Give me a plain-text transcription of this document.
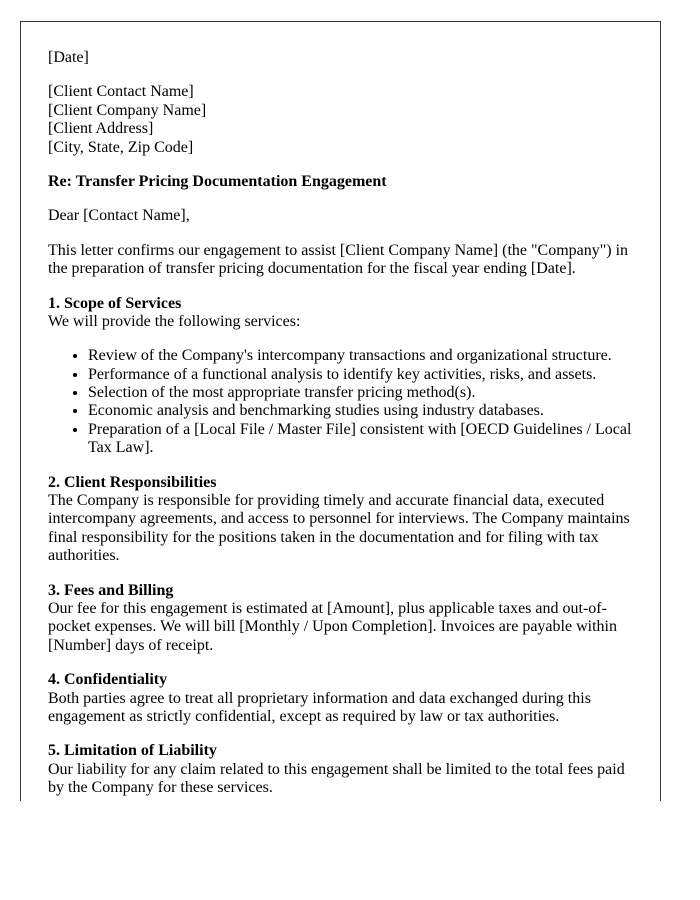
[Date]

[Client Contact Name]
[Client Company Name]
[Client Address]
[City, State, Zip Code]

Re: Transfer Pricing Documentation Engagement

Dear [Contact Name],

This letter confirms our engagement to assist [Client Company Name] (the "Company") in the preparation of transfer pricing documentation for the fiscal year ending [Date].

1. Scope of Services
We will provide the following services:

• Review of the Company's intercompany transactions and organizational structure.
• Performance of a functional analysis to identify key activities, risks, and assets.
• Selection of the most appropriate transfer pricing method(s).
• Economic analysis and benchmarking studies using industry databases.
• Preparation of a [Local File / Master File] consistent with [OECD Guidelines / Local Tax Law].

2. Client Responsibilities
The Company is responsible for providing timely and accurate financial data, executed intercompany agreements, and access to personnel for interviews. The Company maintains final responsibility for the positions taken in the documentation and for filing with tax authorities.

3. Fees and Billing
Our fee for this engagement is estimated at [Amount], plus applicable taxes and out-of-pocket expenses. We will bill [Monthly / Upon Completion]. Invoices are payable within [Number] days of receipt.

4. Confidentiality
Both parties agree to treat all proprietary information and data exchanged during this engagement as strictly confidential, except as required by law or tax authorities.

5. Limitation of Liability
Our liability for any claim related to this engagement shall be limited to the total fees paid by the Company for these services.
